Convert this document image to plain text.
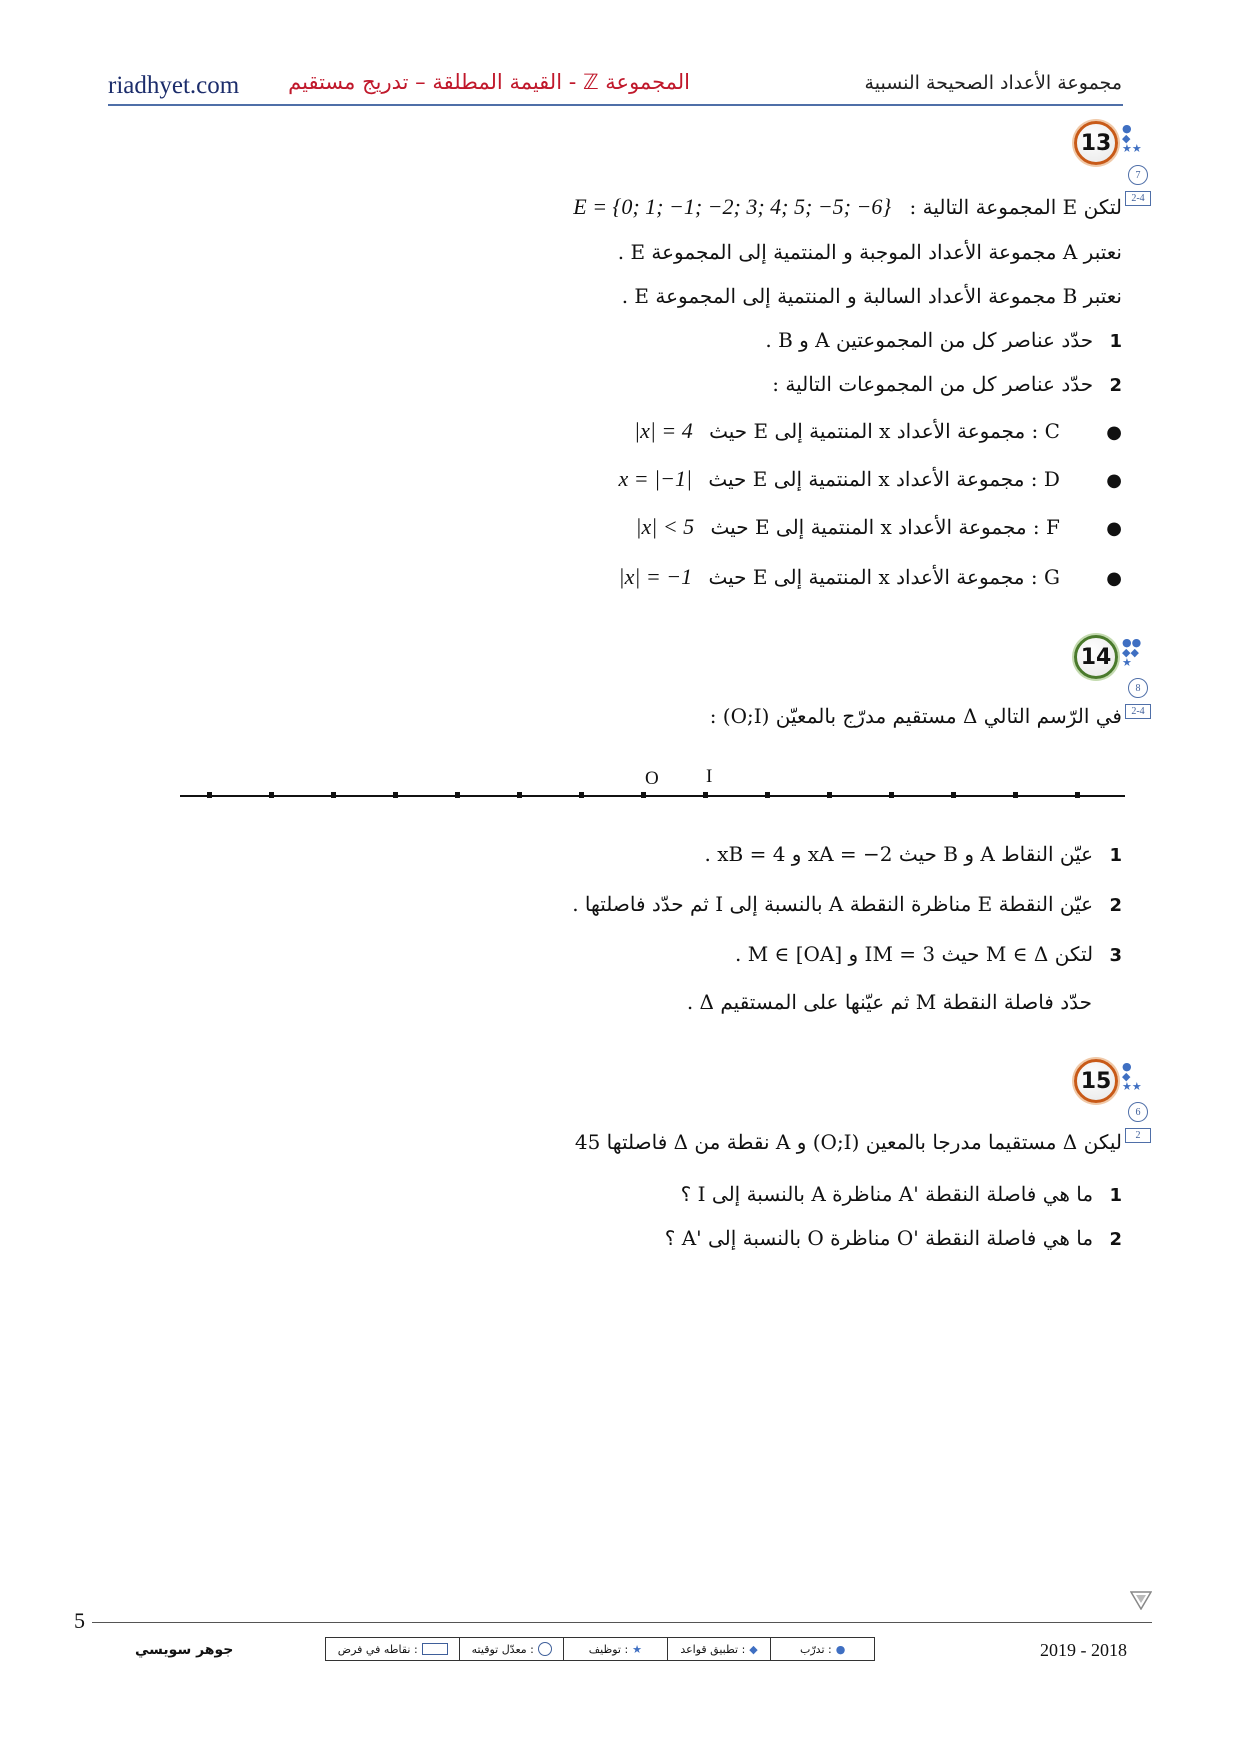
riadhyet.com المجموعة ℤ - القيمة المطلقة – تدريج مستقيم	مجموعة الأعداد الصحيحة النسبية
13
●
◆
★★
7
2-4
لتكن E المجموعة التالية : E = {0; 1; −1; −2; 3; 4; 5; −5; −6}
نعتبر A مجموعة الأعداد الموجبة و المنتمية إلى المجموعة E .
نعتبر B مجموعة الأعداد السالبة و المنتمية إلى المجموعة E .
1 حدّد عناصر كل من المجموعتين A و B .
2 حدّد عناصر كل من المجموعات التالية :
● C : مجموعة الأعداد x المنتمية إلى E حيث |x| = 4
● D : مجموعة الأعداد x المنتمية إلى E حيث x = |−1|
● F : مجموعة الأعداد x المنتمية إلى E حيث |x| < 5
● G : مجموعة الأعداد x المنتمية إلى E حيث |x| = −1
14
●●
◆◆
★
8
2-4
في الرّسم التالي Δ مستقيم مدرّج بالمعيّن (O;I) :
O I
1 عيّن النقاط A و B حيث xA = −2 و xB = 4 .
2 عيّن النقطة E مناظرة النقطة A بالنسبة إلى I ثم حدّد فاصلتها .
3 لتكن M ∈ Δ حيث IM = 3 و M ∈ [OA] .
حدّد فاصلة النقطة M ثم عيّنها على المستقيم Δ .
15
●
◆
★★
6
2
ليكن Δ مستقيما مدرجا بالمعين (O;I) و A نقطة من Δ فاصلتها 45
1 ما هي فاصلة النقطة 'A مناظرة A بالنسبة إلى I ؟
2 ما هي فاصلة النقطة 'O مناظرة O بالنسبة إلى 'A ؟
5
جوهر سويسي	2019 - 2018
●
: تدرّب
◆
: تطبيق قواعد
★
: توظيف
: معدّل توقيته
: نقاطه في فرض
